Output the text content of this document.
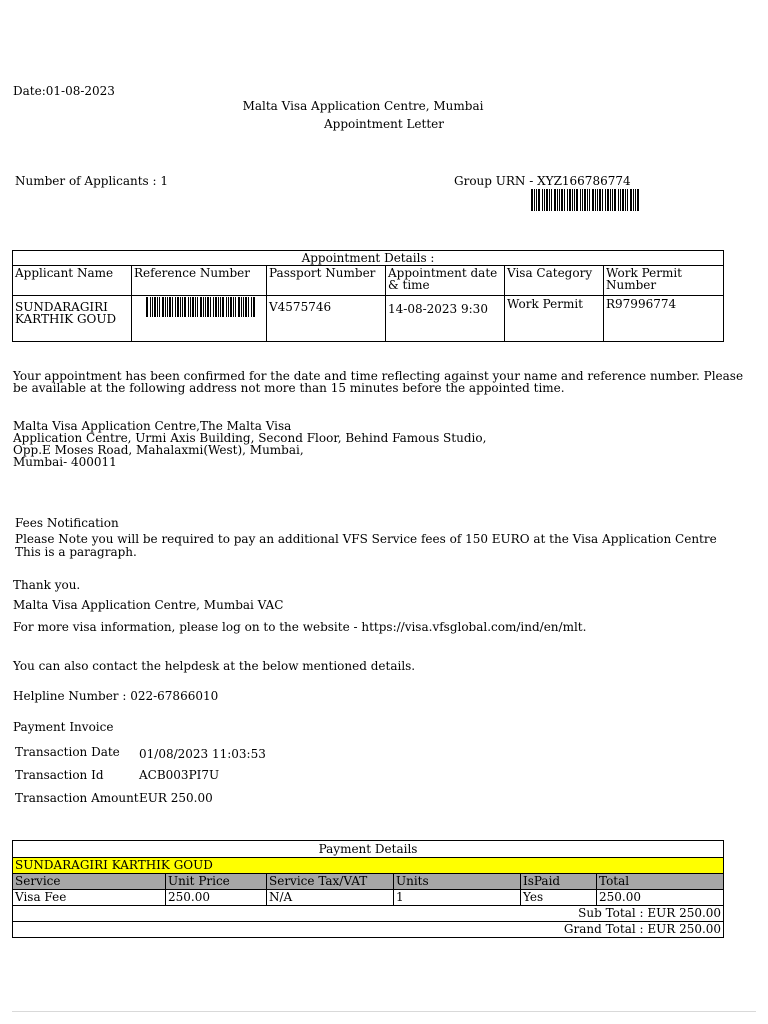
Date:01-08-2023
Malta Visa Application Centre, Mumbai
Appointment Letter
Number of Applicants : 1	Group URN - XYZ166786774
Appointment Details :					
Applicant Name	Reference Number	Passport Number	Appointment date & time	Visa Category	Work Permit Number
SUNDARAGIRI KARTHIK GOUD		V4575746	14-08-2023 9:30	Work Permit	R97996774
Your appointment has been confirmed for the date and time reflecting against your name and reference number. Please be available at the following address not more than 15 minutes before the appointed time.
Malta Visa Application Centre,The Malta Visa
Application Centre, Urmi Axis Building, Second Floor, Behind Famous Studio,
Opp.E Moses Road, Mahalaxmi(West), Mumbai,
Mumbai- 400011
Fees Notification
Please Note you will be required to pay an additional VFS Service fees of 150 EURO at the Visa Application Centre
This is a paragraph.
Thank you.
Malta Visa Application Centre, Mumbai VAC
For more visa information, please log on to the website - https://visa.vfsglobal.com/ind/en/mlt.
You can also contact the helpdesk at the below mentioned details.
Helpline Number : 022-67866010
Payment Invoice
Transaction Date 01/08/2023 11:03:53
Transaction Id	ACB003PI7U
Transaction Amount EUR 250.00
Payment Details					
SUNDARAGIRI KARTHIK GOUD					
Service	Unit Price	Service Tax/VAT	Units	IsPaid	Total
Visa Fee	250.00	N/A	1	Yes	250.00
Sub Total : EUR 250.00					
Grand Total : EUR 250.00					
